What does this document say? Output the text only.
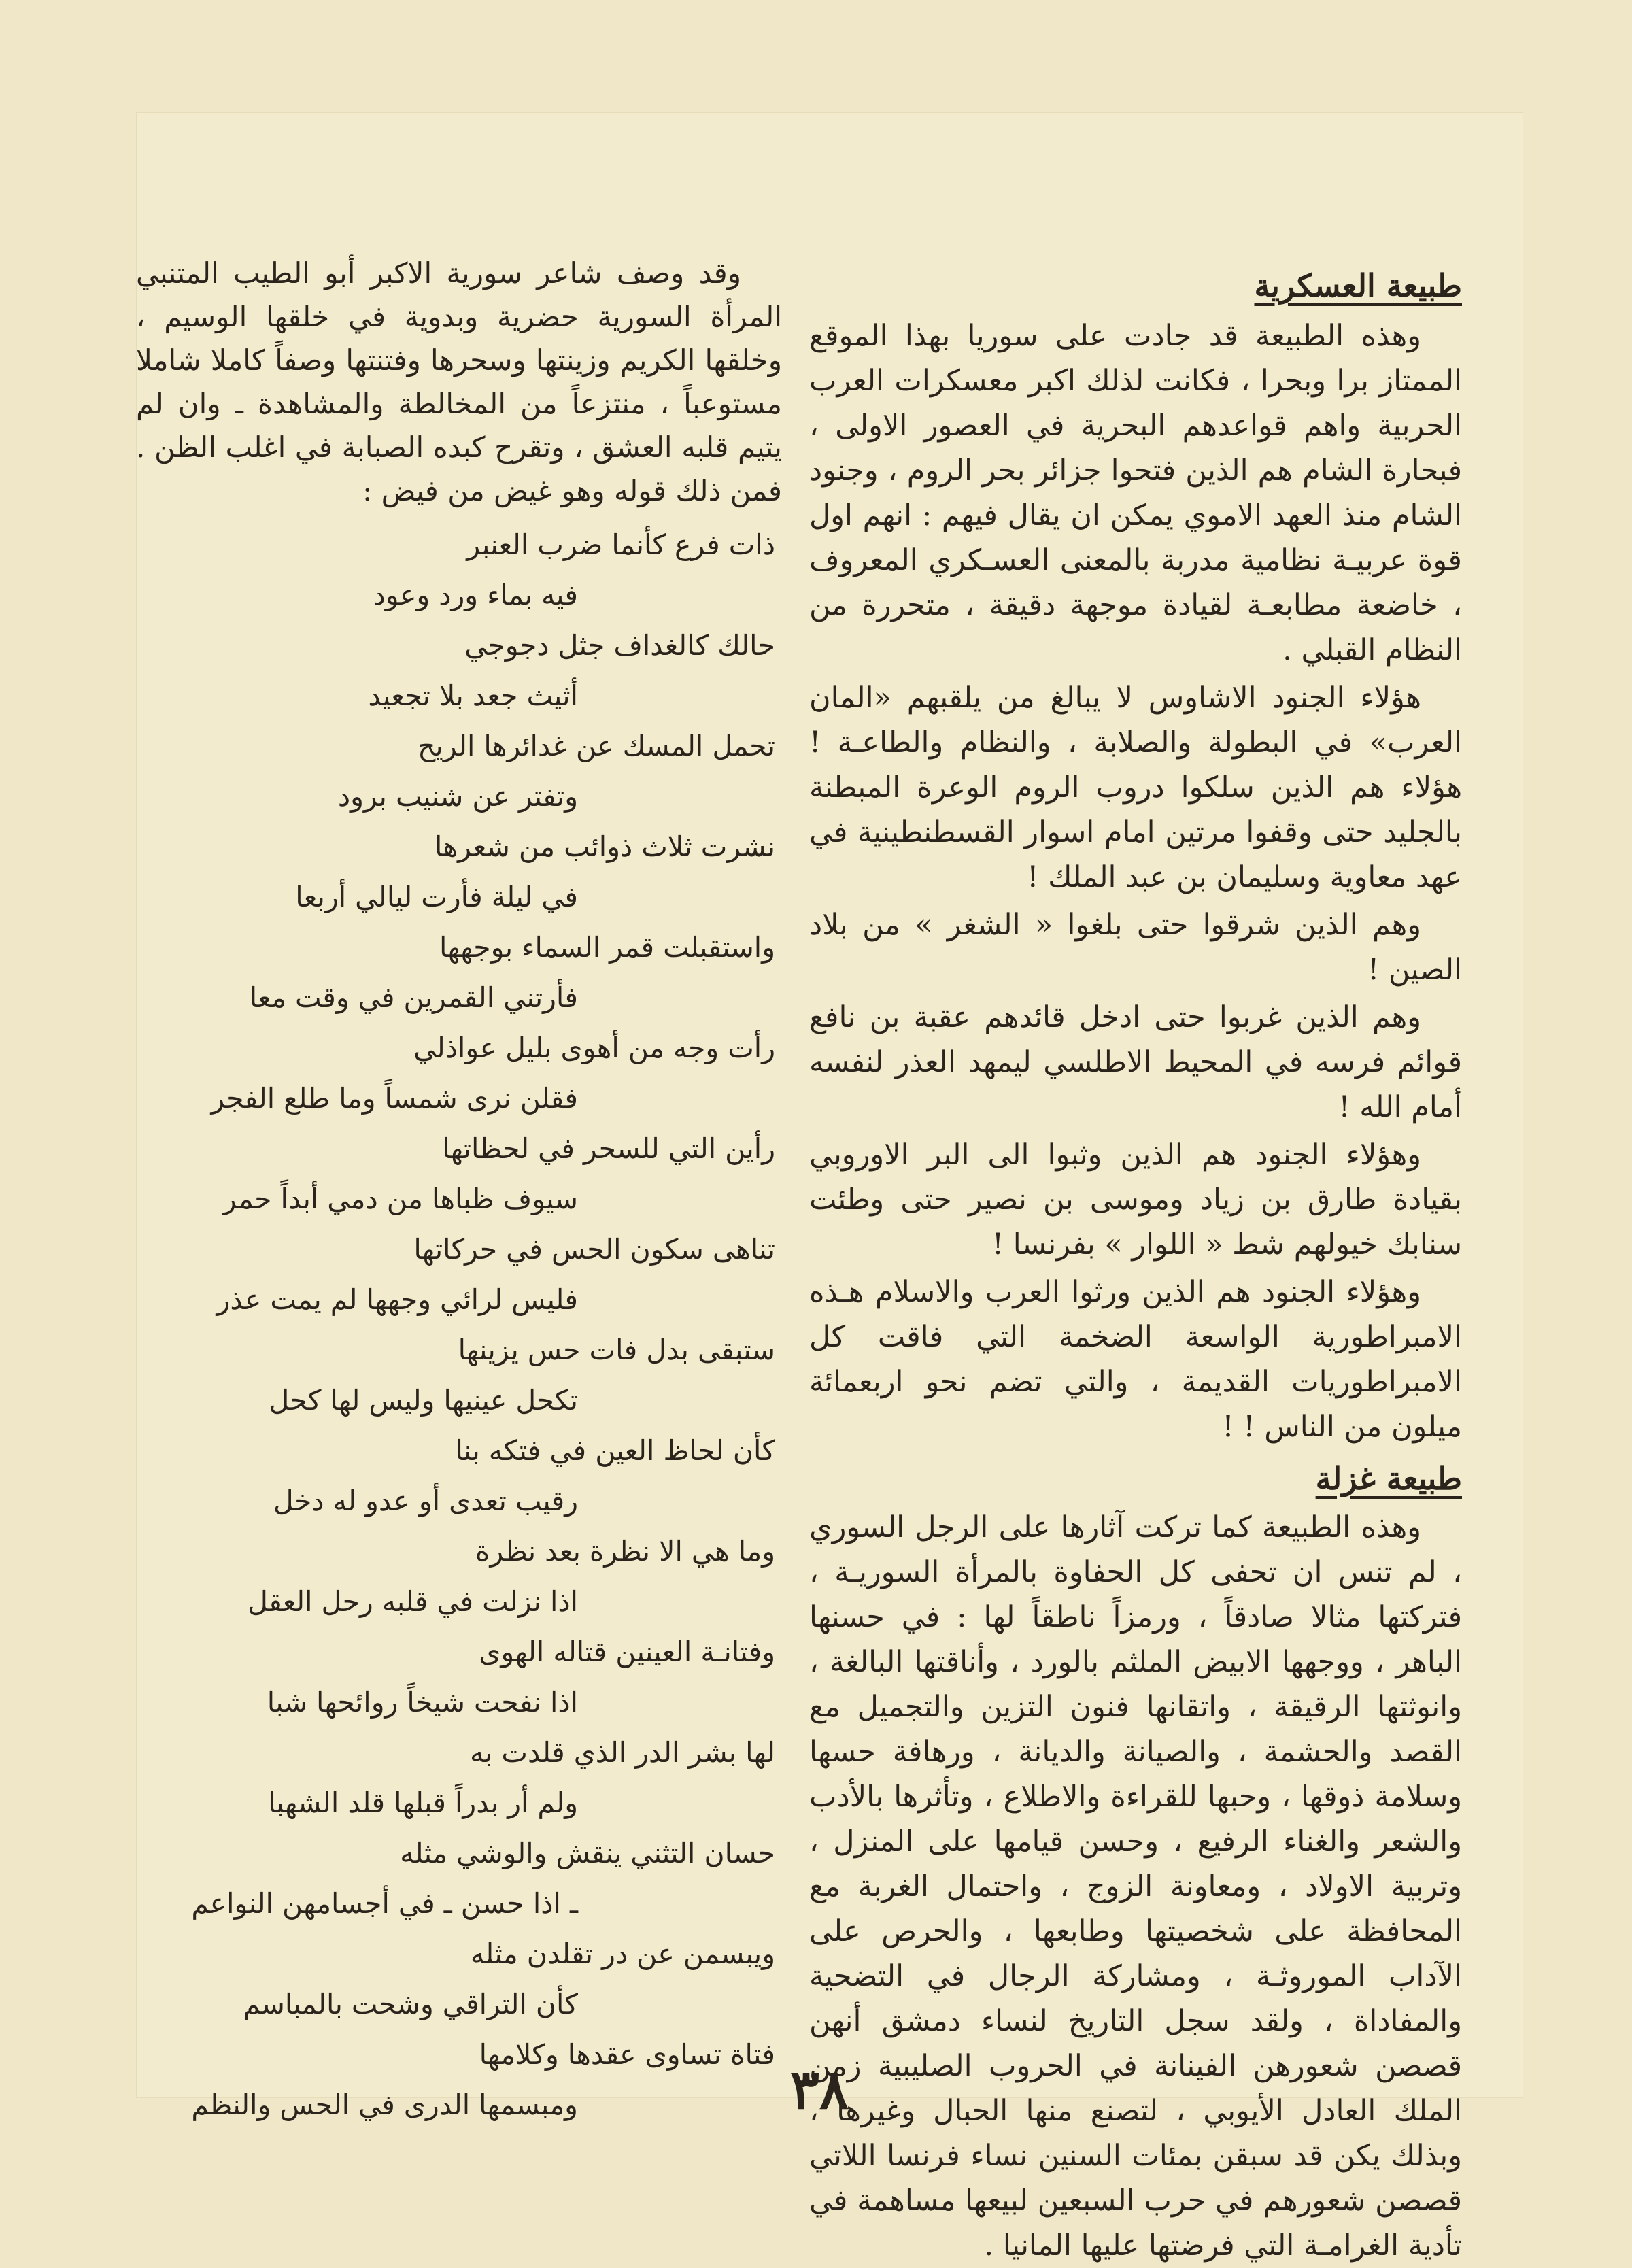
طبيعة العسكرية

وهذه الطبيعة قد جادت على سوريا بهذا الموقع الممتاز برا وبحرا ، فكانت لذلك اكبر معسكرات العرب الحربية واهم قواعدهم البحرية في العصور الاولى ، فبحارة الشام هم الذين فتحوا جزائر بحر الروم ، وجنود الشام منذ العهد الاموي يمكن ان يقال فيهم : انهم اول قوة عربيـة نظامية مدربة بالمعنى العسـكري المعروف ، خاضعة مطابعـة لقيادة موجهة دقيقة ، متحررة من النظام القبلي .

هؤلاء الجنود الاشاوس لا يبالغ من يلقبهم «المان العرب» في البطولة والصلابة ، والنظام والطاعـة ! هؤلاء هم الذين سلكوا دروب الروم الوعرة المبطنة بالجليد حتى وقفوا مرتين امام اسوار القسطنطينية في عهد معاوية وسليمان بن عبد الملك !

وهم الذين شرقوا حتى بلغوا « الشغر » من بلاد الصين !

وهم الذين غربوا حتى ادخل قائدهم عقبة بن نافع قوائم فرسه في المحيط الاطلسي ليمهد العذر لنفسه أمام الله !

وهؤلاء الجنود هم الذين وثبوا الى البر الاوروبي بقيادة طارق بن زياد وموسى بن نصير حتى وطئت سنابك خيولهم شط « اللوار » بفرنسا !

وهؤلاء الجنود هم الذين ورثوا العرب والاسلام هـذه الامبراطورية الواسعة الضخمة التي فاقت كل الامبراطوريات القديمة ، والتي تضم نحو اربعمائة ميلون من الناس ! !

طبيعة غزلة

وهذه الطبيعة كما تركت آثارها على الرجل السوري ، لم تنس ان تحفى كل الحفاوة بالمرأة السوريـة ، فتركتها مثالا صادقاً ، ورمزاً ناطقاً لها : في حسنها الباهر ، ووجهها الابيض الملثم بالورد ، وأناقتها البالغة ، وانوثتها الرقيقة ، واتقانها فنون التزين والتجميل مع القصد والحشمة ، والصيانة والديانة ، ورهافة حسها وسلامة ذوقها ، وحبها للقراءة والاطلاع ، وتأثرها بالأدب والشعر والغناء الرفيع ، وحسن قيامها على المنزل ، وتربية الاولاد ، ومعاونة الزوج ، واحتمال الغربة مع المحافظة على شخصيتها وطابعها ، والحرص على الآداب الموروثـة ، ومشاركة الرجال في التضحية والمفاداة ، ولقد سجل التاريخ لنساء دمشق أنهن قصصن شعورهن الفينانة في الحروب الصليبية زمن الملك العادل الأيوبي ، لتصنع منها الحبال وغيرها ، وبذلك يكن قد سبقن بمئات السنين نساء فرنسا اللاتي قصصن شعورهم في حرب السبعين لبيعها مساهمة في تأدية الغرامـة التي فرضتها عليها المانيا .

وقد وصف شاعر سورية الاكبر أبو الطيب المتنبي المرأة السورية حضرية وبدوية في خلقها الوسيم ، وخلقها الكريم وزينتها وسحرها وفتنتها وصفاً كاملا شاملا مستوعباً ، منتزعاً من المخالطة والمشاهدة ـ وان لم يتيم قلبه العشق ، وتقرح كبده الصبابة في اغلب الظن . فمن ذلك قوله وهو غيض من فيض :

ذات فرع كأنما ضرب العنبر
فيه بماء ورد وعود
حالك كالغداف جثل دجوجي
أثيث جعد بلا تجعيد
تحمل المسك عن غدائرها الريح
وتفتر عن شنيب برود
نشرت ثلاث ذوائب من شعرها
في ليلة فأرت ليالي أربعا
واستقبلت قمر السماء بوجهها
فأرتني القمرين في وقت معا
رأت وجه من أهوى بليل عواذلي
فقلن نرى شمساً وما طلع الفجر
رأين التي للسحر في لحظاتها
سيوف ظباها من دمي أبداً حمر
تناهى سكون الحس في حركاتها
فليس لرائي وجهها لم يمت عذر
ستبقى بدل فات حس يزينها
تكحل عينيها وليس لها كحل
كأن لحاظ العين في فتكه بنا
رقيب تعدى أو عدو له دخل
وما هي الا نظرة بعد نظرة
اذا نزلت في قلبه رحل العقل
وفتانـة العينين قتاله الهوى
اذا نفحت شيخاً روائحها شبا
لها بشر الدر الذي قلدت به
ولم أر بدراً قبلها قلد الشهبا
حسان التثني ينقش والوشي مثله
ـ اذا حسن ـ في أجسامهن النواعم
ويبسمن عن در تقلدن مثله
كأن التراقي وشحت بالمباسم
فتاة تساوى عقدها وكلامها
ومبسمها الدرى في الحس والنظم	٣٨
